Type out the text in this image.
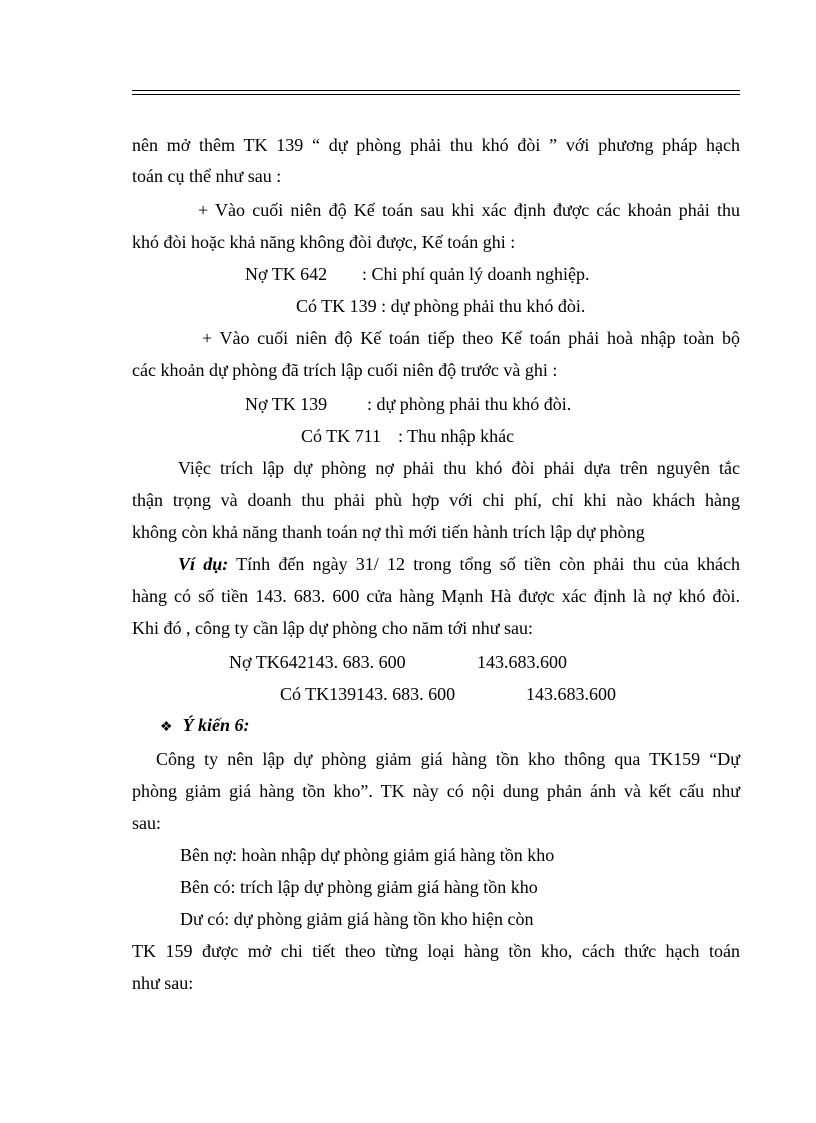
nên mở thêm TK 139 “ dự phòng phải thu khó đòi ” với phương pháp hạch
toán cụ thể như sau :
+ Vào cuối niên độ Kế toán sau khi xác định được các khoản phải thu
khó đòi hoặc khả năng không đòi được, Kế toán ghi :
Nợ TK 642 : Chi phí quản lý doanh nghiệp.
Có TK 139 : dự phòng phải thu khó đòi.
+ Vào cuối niên độ Kế toán tiếp theo Kế toán phải hoà nhập toàn bộ
các khoản dự phòng đã trích lập cuối niên độ trước và ghi :
Nợ TK 139 : dự phòng phải thu khó đòi.
Có TK 711 : Thu nhập khác
Việc trích lập dự phòng nợ phải thu khó đòi phải dựa trên nguyên tắc
thận trọng và doanh thu phải phù hợp với chi phí, chỉ khi nào khách hàng
không còn khả năng thanh toán nợ thì mới tiến hành trích lập dự phòng
Ví dụ: Tính đến ngày 31/ 12 trong tổng số tiền còn phải thu của khách
hàng có số tiền 143. 683. 600 cửa hàng Mạnh Hà được xác định là nợ khó đòi.
Khi đó , công ty cần lập dự phòng cho năm tới như sau:
Nợ TK642143. 683. 600	143.683.600
Có TK139143. 683. 600	143.683.600
❖ Ý kiến 6:
Công ty nên lập dự phòng giảm giá hàng tồn kho thông qua TK159 “Dự
phòng giảm giá hàng tồn kho”. TK này có nội dung phản ánh và kết cấu như
sau:
Bên nợ: hoàn nhập dự phòng giảm giá hàng tồn kho
Bên có: trích lập dự phòng giảm giá hàng tồn kho
Dư có: dự phòng giảm giá hàng tồn kho hiện còn
TK 159 được mở chi tiết theo từng loại hàng tồn kho, cách thức hạch toán
như sau:
